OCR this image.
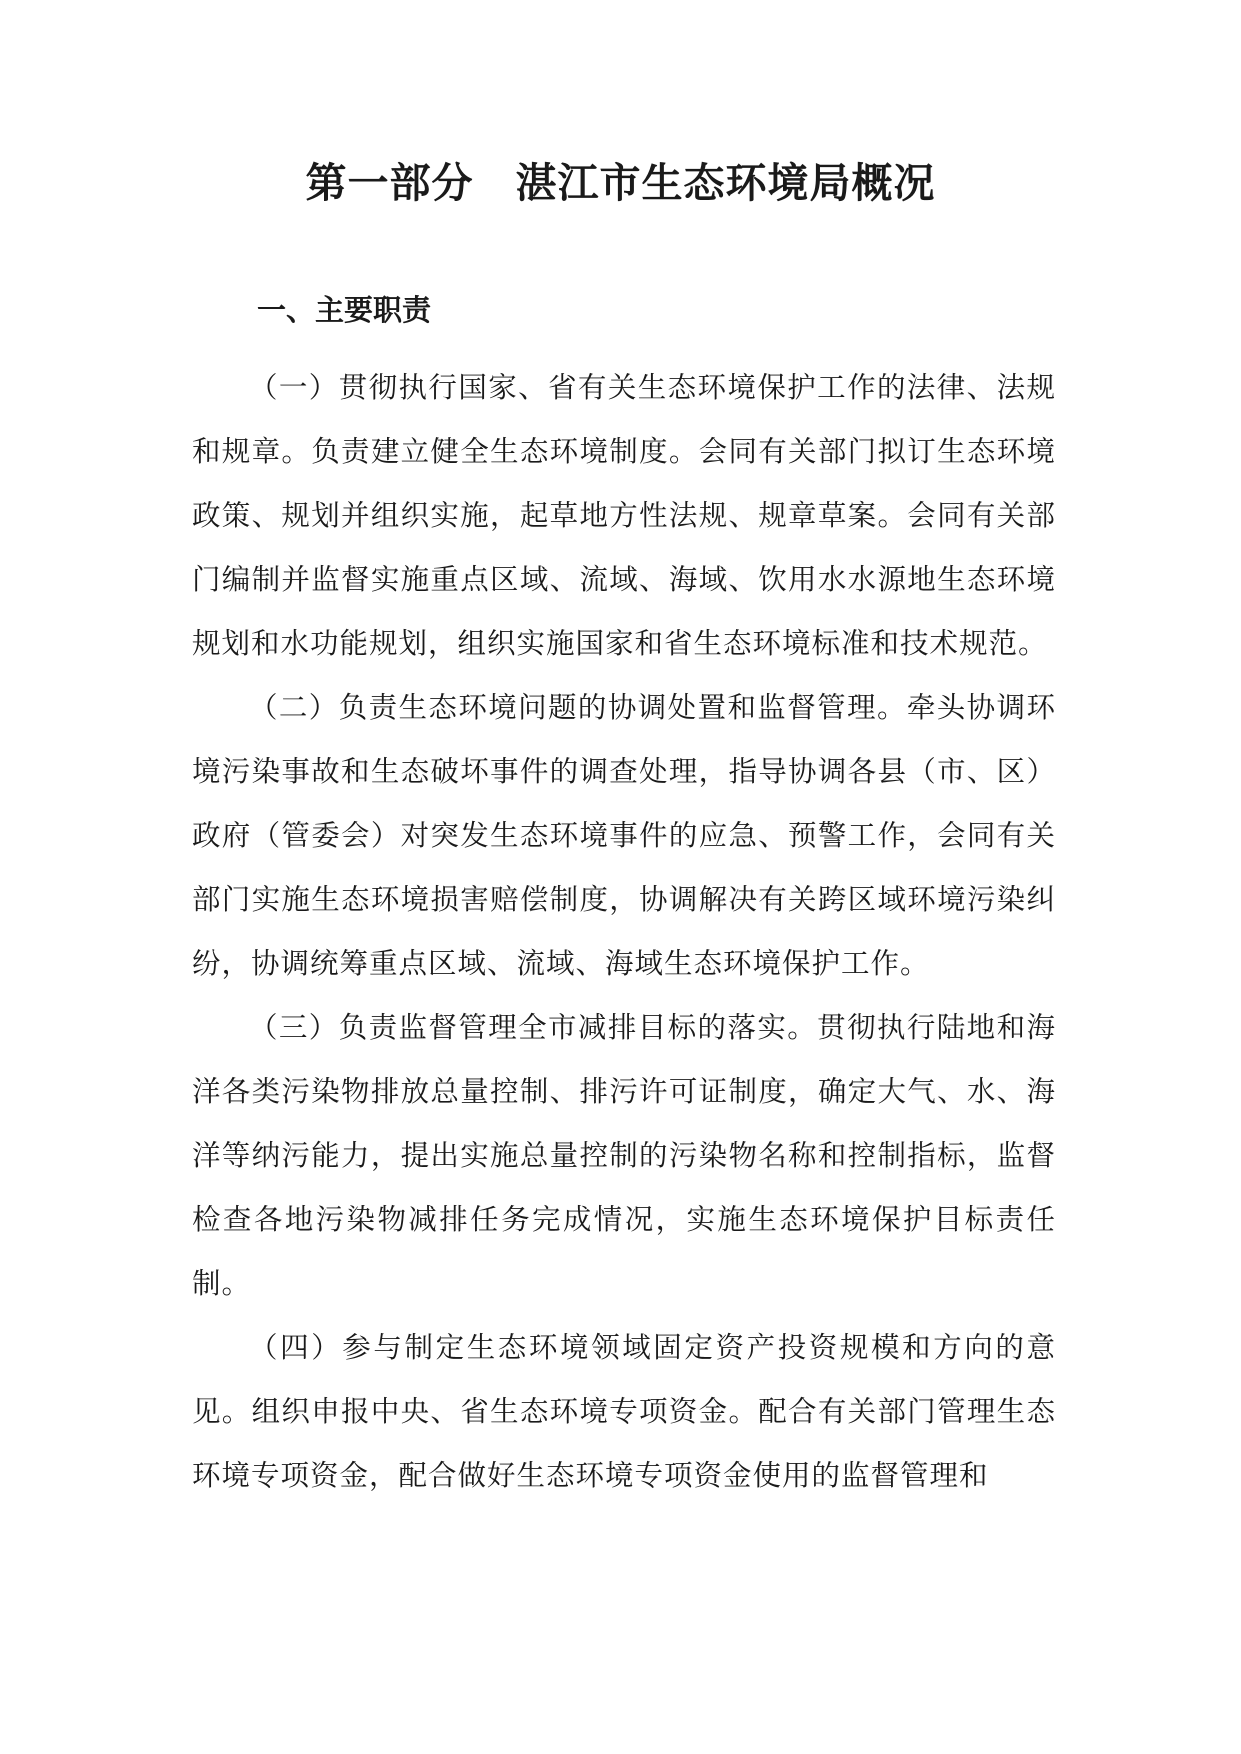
第一部分　湛江市生态环境局概况
一、主要职责

（一）贯彻执行国家、省有关生态环境保护工作的法律、法规和规章。负责建立健全生态环境制度。会同有关部门拟订生态环境政策、规划并组织实施，起草地方性法规、规章草案。会同有关部门编制并监督实施重点区域、流域、海域、饮用水水源地生态环境规划和水功能规划，组织实施国家和省生态环境标准和技术规范。

（二）负责生态环境问题的协调处置和监督管理。牵头协调环境污染事故和生态破坏事件的调查处理，指导协调各县（市、区）政府（管委会）对突发生态环境事件的应急、预警工作，会同有关部门实施生态环境损害赔偿制度，协调解决有关跨区域环境污染纠纷，协调统筹重点区域、流域、海域生态环境保护工作。

（三）负责监督管理全市减排目标的落实。贯彻执行陆地和海洋各类污染物排放总量控制、排污许可证制度，确定大气、水、海洋等纳污能力，提出实施总量控制的污染物名称和控制指标，监督检查各地污染物减排任务完成情况，实施生态环境保护目标责任制。

（四）参与制定生态环境领域固定资产投资规模和方向的意见。组织申报中央、省生态环境专项资金。配合有关部门管理生态环境专项资金，配合做好生态环境专项资金使用的监督管理和
